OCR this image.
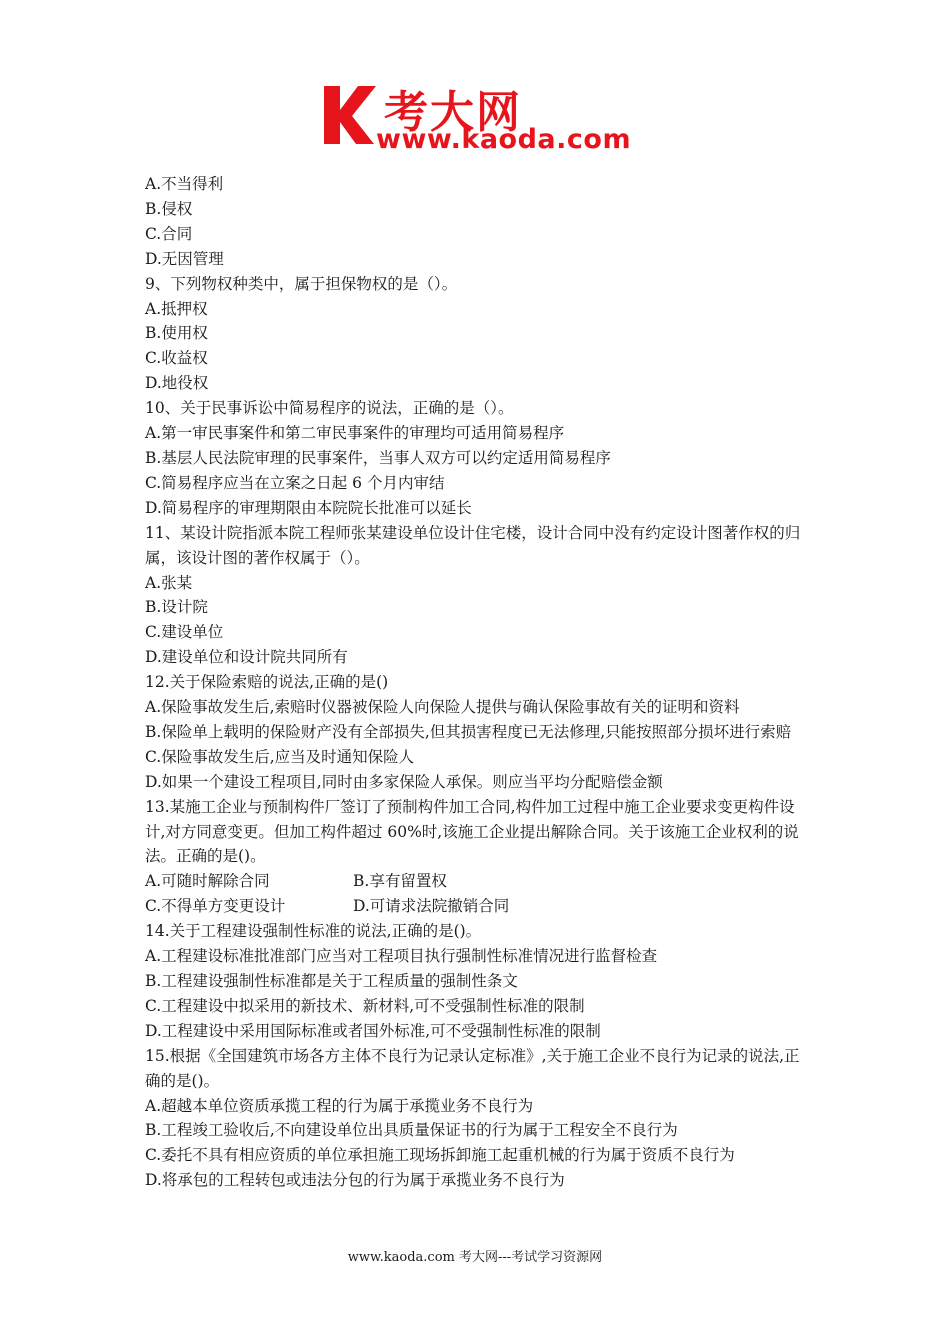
考大网
www.kaoda.com

A.不当得利

B.侵权

C.合同

D.无因管理

9、下列物权种类中，属于担保物权的是（）。

A.抵押权

B.使用权

C.收益权

D.地役权

10、关于民事诉讼中简易程序的说法，正确的是（）。

A.第一审民事案件和第二审民事案件的审理均可适用简易程序

B.基层人民法院审理的民事案件，当事人双方可以约定适用简易程序

C.简易程序应当在立案之日起 6 个月内审结

D.简易程序的审理期限由本院院长批准可以延长

11、某设计院指派本院工程师张某建设单位设计住宅楼，设计合同中没有约定设计图著作权的归属，该设计图的著作权属于（）。

A.张某

B.设计院

C.建设单位

D.建设单位和设计院共同所有

12.关于保险索赔的说法,正确的是()

A.保险事故发生后,索赔时仪器被保险人向保险人提供与确认保险事故有关的证明和资料

B.保险单上载明的保险财产没有全部损失,但其损害程度已无法修理,只能按照部分损坏进行索赔

C.保险事故发生后,应当及时通知保险人

D.如果一个建设工程项目,同时由多家保险人承保。则应当平均分配赔偿金额

13.某施工企业与预制构件厂签订了预制构件加工合同,构件加工过程中施工企业要求变更构件设计,对方同意变更。但加工构件超过 60%时,该施工企业提出解除合同。关于该施工企业权利的说法。正确的是()。

A.可随时解除合同	B.享有留置权
C.不得单方变更设计	D.可请求法院撤销合同

14.关于工程建设强制性标准的说法,正确的是()。

A.工程建设标准批准部门应当对工程项目执行强制性标准情况进行监督检查

B.工程建设强制性标准都是关于工程质量的强制性条文

C.工程建设中拟采用的新技术、新材料,可不受强制性标准的限制

D.工程建设中采用国际标准或者国外标准,可不受强制性标准的限制

15.根据《全国建筑市场各方主体不良行为记录认定标准》,关于施工企业不良行为记录的说法,正确的是()。

A.超越本单位资质承揽工程的行为属于承揽业务不良行为

B.工程竣工验收后,不向建设单位出具质量保证书的行为属于工程安全不良行为

C.委托不具有相应资质的单位承担施工现场拆卸施工起重机械的行为属于资质不良行为

D.将承包的工程转包或违法分包的行为属于承揽业务不良行为

www.kaoda.com 考大网---考试学习资源网
